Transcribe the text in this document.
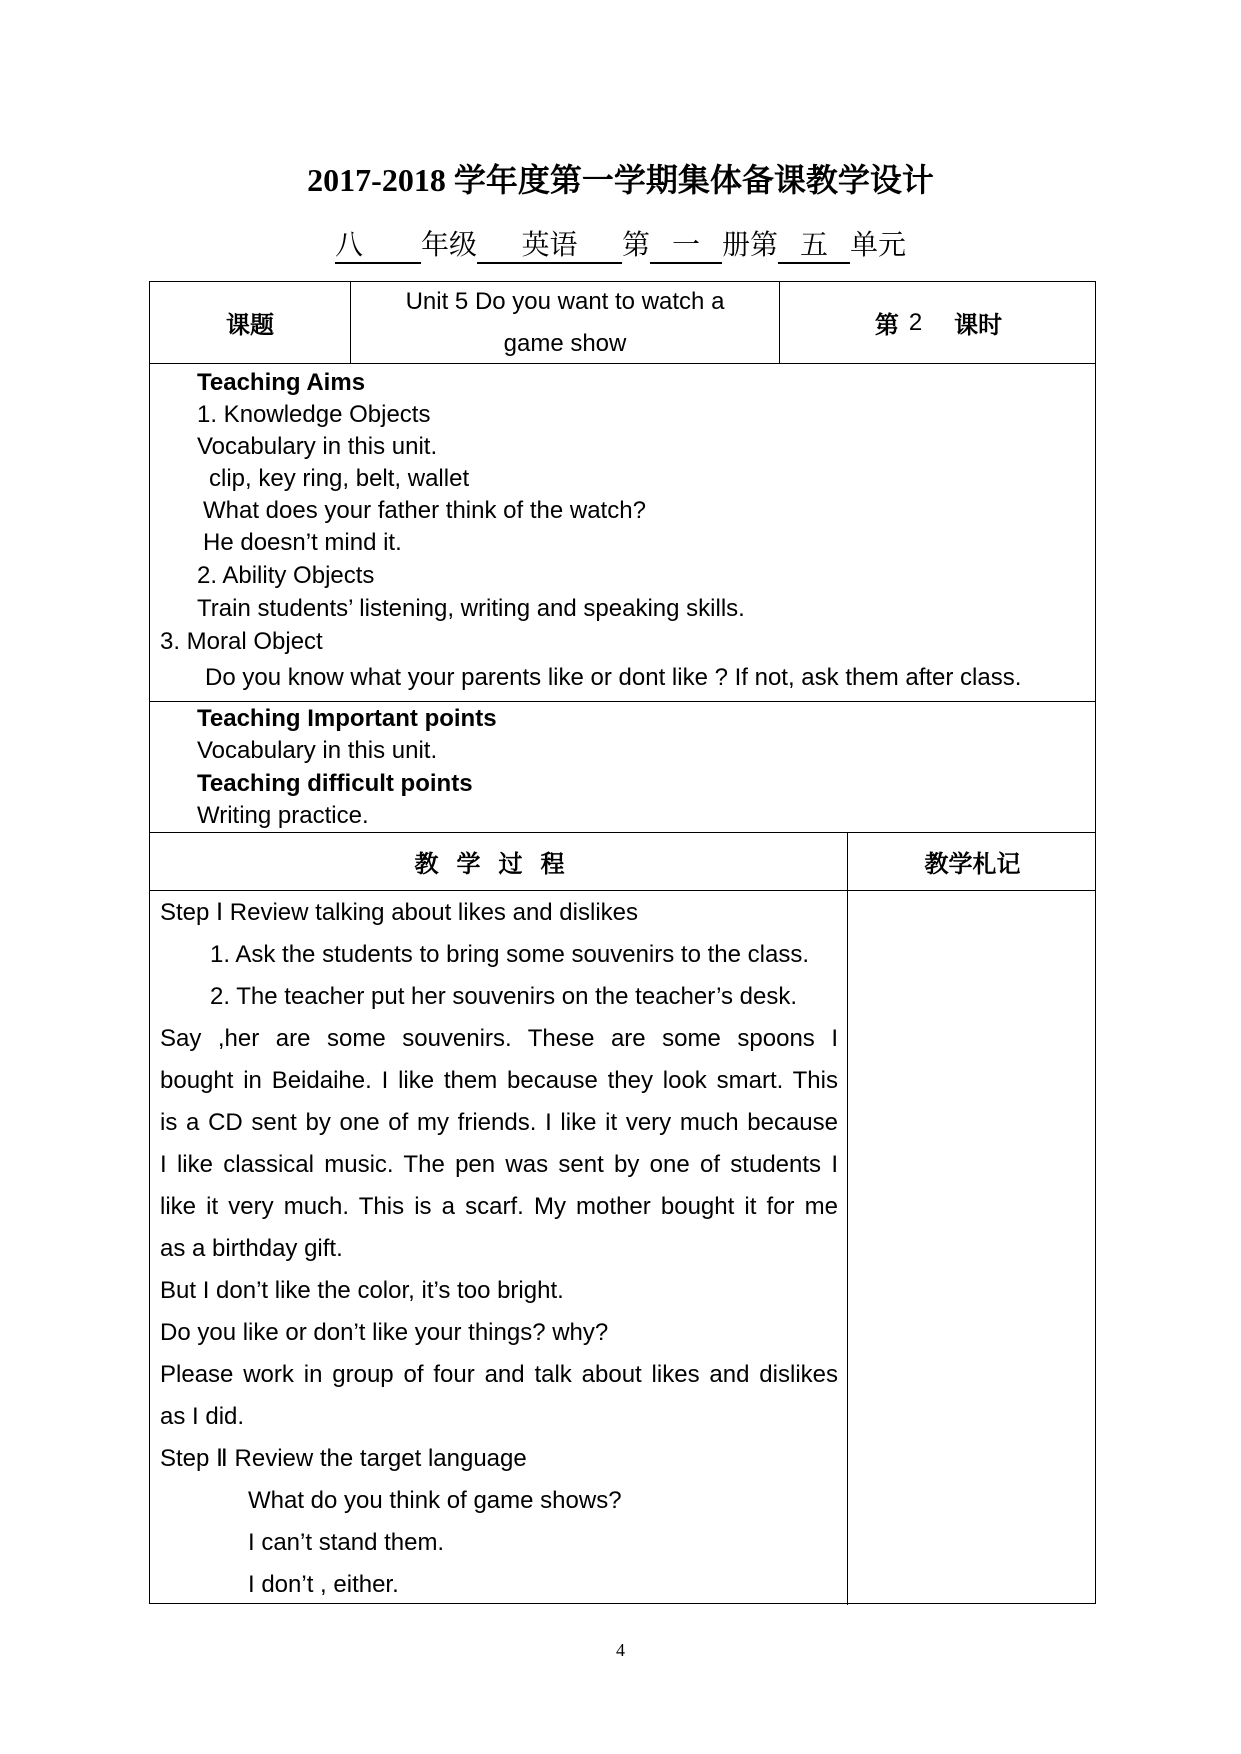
2017-2018 学年度第一学期集体备课教学设计
八 年级 英语 第 一 册第 五 单元
课题
Unit 5 Do you want to watch a
game show
第 2 课时
Teaching Aims
1. Knowledge Objects
Vocabulary in this unit.
clip, key ring, belt, wallet
What does your father think of the watch?
He doesn’t mind it.
2. Ability Objects
Train students’ listening, writing and speaking skills.
3. Moral Object
Do you know what your parents like or dont like ? If not, ask them after class.
Teaching Important points
Vocabulary in this unit.
Teaching difficult points
Writing practice.
教学过程	教学札记
Step Ⅰ Review talking about likes and dislikes
1. Ask the students to bring some souvenirs to the class.
2. The teacher put her souvenirs on the teacher’s desk.
Say ,her are some souvenirs. These are some spoons I
bought in Beidaihe. I like them because they look smart. This
is a CD sent by one of my friends. I like it very much because
I like classical music. The pen was sent by one of students I
like it very much. This is a scarf. My mother bought it for me
as a birthday gift.
But I don’t like the color, it’s too bright.
Do you like or don’t like your things? why?
Please work in group of four and talk about likes and dislikes
as I did.
Step Ⅱ Review the target language
What do you think of game shows?
I can’t stand them.
I don’t , either.
4
